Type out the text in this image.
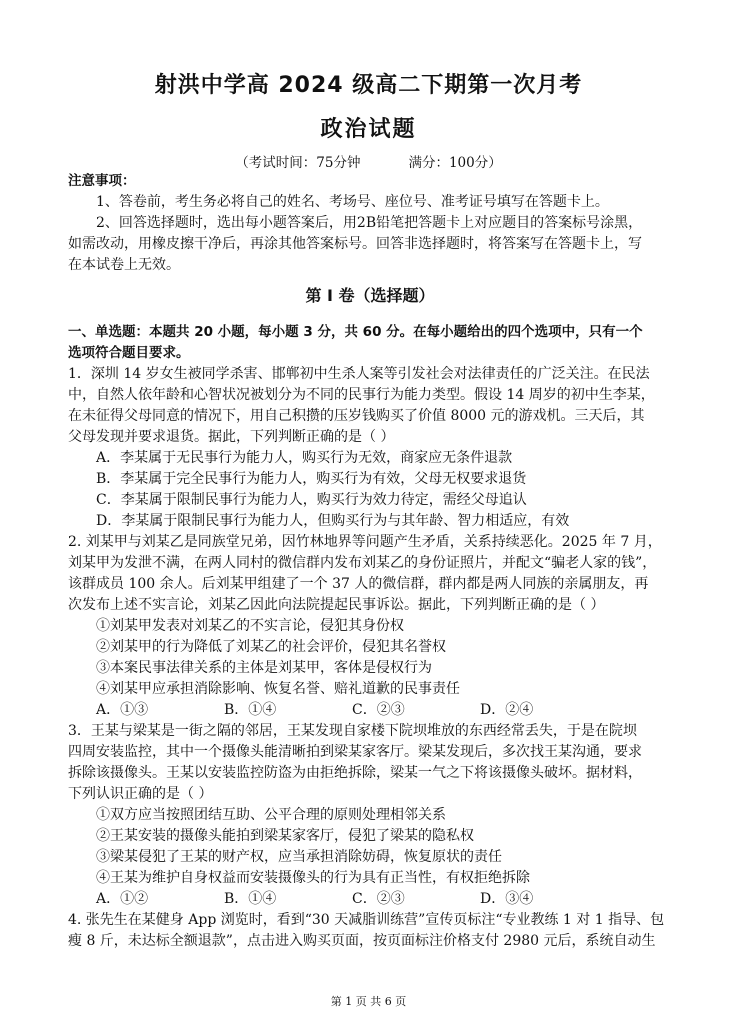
射洪中学高 2024 级高二下期第一次月考
政治试题
（考试时间：75分钟	满分：100分）
注意事项：
1、答卷前，考生务必将自己的姓名、考场号、座位号、准考证号填写在答题卡上。
2、回答选择题时，选出每小题答案后，用2B铅笔把答题卡上对应题目的答案标号涂黑，
如需改动，用橡皮擦干净后，再涂其他答案标号。回答非选择题时，将答案写在答题卡上，写
在本试卷上无效。
第 I 卷（选择题）
一、单选题：本题共 20 小题，每小题 3 分，共 60 分。在每小题给出的四个选项中，只有一个
选项符合题目要求。
1．深圳 14 岁女生被同学杀害、邯郸初中生杀人案等引发社会对法律责任的广泛关注。在民法
中，自然人依年龄和心智状况被划分为不同的民事行为能力类型。假设 14 周岁的初中生李某，
在未征得父母同意的情况下，用自己积攒的压岁钱购买了价值 8000 元的游戏机。三天后，其
父母发现并要求退货。据此，下列判断正确的是（ ）
A．李某属于无民事行为能力人，购买行为无效，商家应无条件退款
B．李某属于完全民事行为能力人，购买行为有效，父母无权要求退货
C．李某属于限制民事行为能力人，购买行为效力待定，需经父母追认
D．李某属于限制民事行为能力人，但购买行为与其年龄、智力相适应，有效
2. 刘某甲与刘某乙是同族堂兄弟，因竹林地界等问题产生矛盾，关系持续恶化。2025 年 7 月，
刘某甲为发泄不满，在两人同村的微信群内发布刘某乙的身份证照片，并配文“骗老人家的钱”，
该群成员 100 余人。后刘某甲组建了一个 37 人的微信群，群内都是两人同族的亲属朋友，再
次发布上述不实言论，刘某乙因此向法院提起民事诉讼。据此，下列判断正确的是（ ）
①刘某甲发表对刘某乙的不实言论，侵犯其身份权
②刘某甲的行为降低了刘某乙的社会评价，侵犯其名誉权
③本案民事法律关系的主体是刘某甲，客体是侵权行为
④刘某甲应承担消除影响、恢复名誉、赔礼道歉的民事责任
A．①③	B．①④	C．②③	D．②④
3．王某与梁某是一街之隔的邻居，王某发现自家楼下院坝堆放的东西经常丢失，于是在院坝
四周安装监控，其中一个摄像头能清晰拍到梁某家客厅。梁某发现后，多次找王某沟通，要求
拆除该摄像头。王某以安装监控防盗为由拒绝拆除，梁某一气之下将该摄像头破坏。据材料，
下列认识正确的是（ ）
①双方应当按照团结互助、公平合理的原则处理相邻关系
②王某安装的摄像头能拍到梁某家客厅，侵犯了梁某的隐私权
③梁某侵犯了王某的财产权，应当承担消除妨碍，恢复原状的责任
④王某为维护自身权益而安装摄像头的行为具有正当性，有权拒绝拆除
A．①②	B．①④	C．②③	D．③④
4. 张先生在某健身 App 浏览时，看到“30 天减脂训练营”宣传页标注“专业教练 1 对 1 指导、包
瘦 8 斤，未达标全额退款”，点击进入购买页面，按页面标注价格支付 2980 元后，系统自动生
第 1 页 共 6 页
